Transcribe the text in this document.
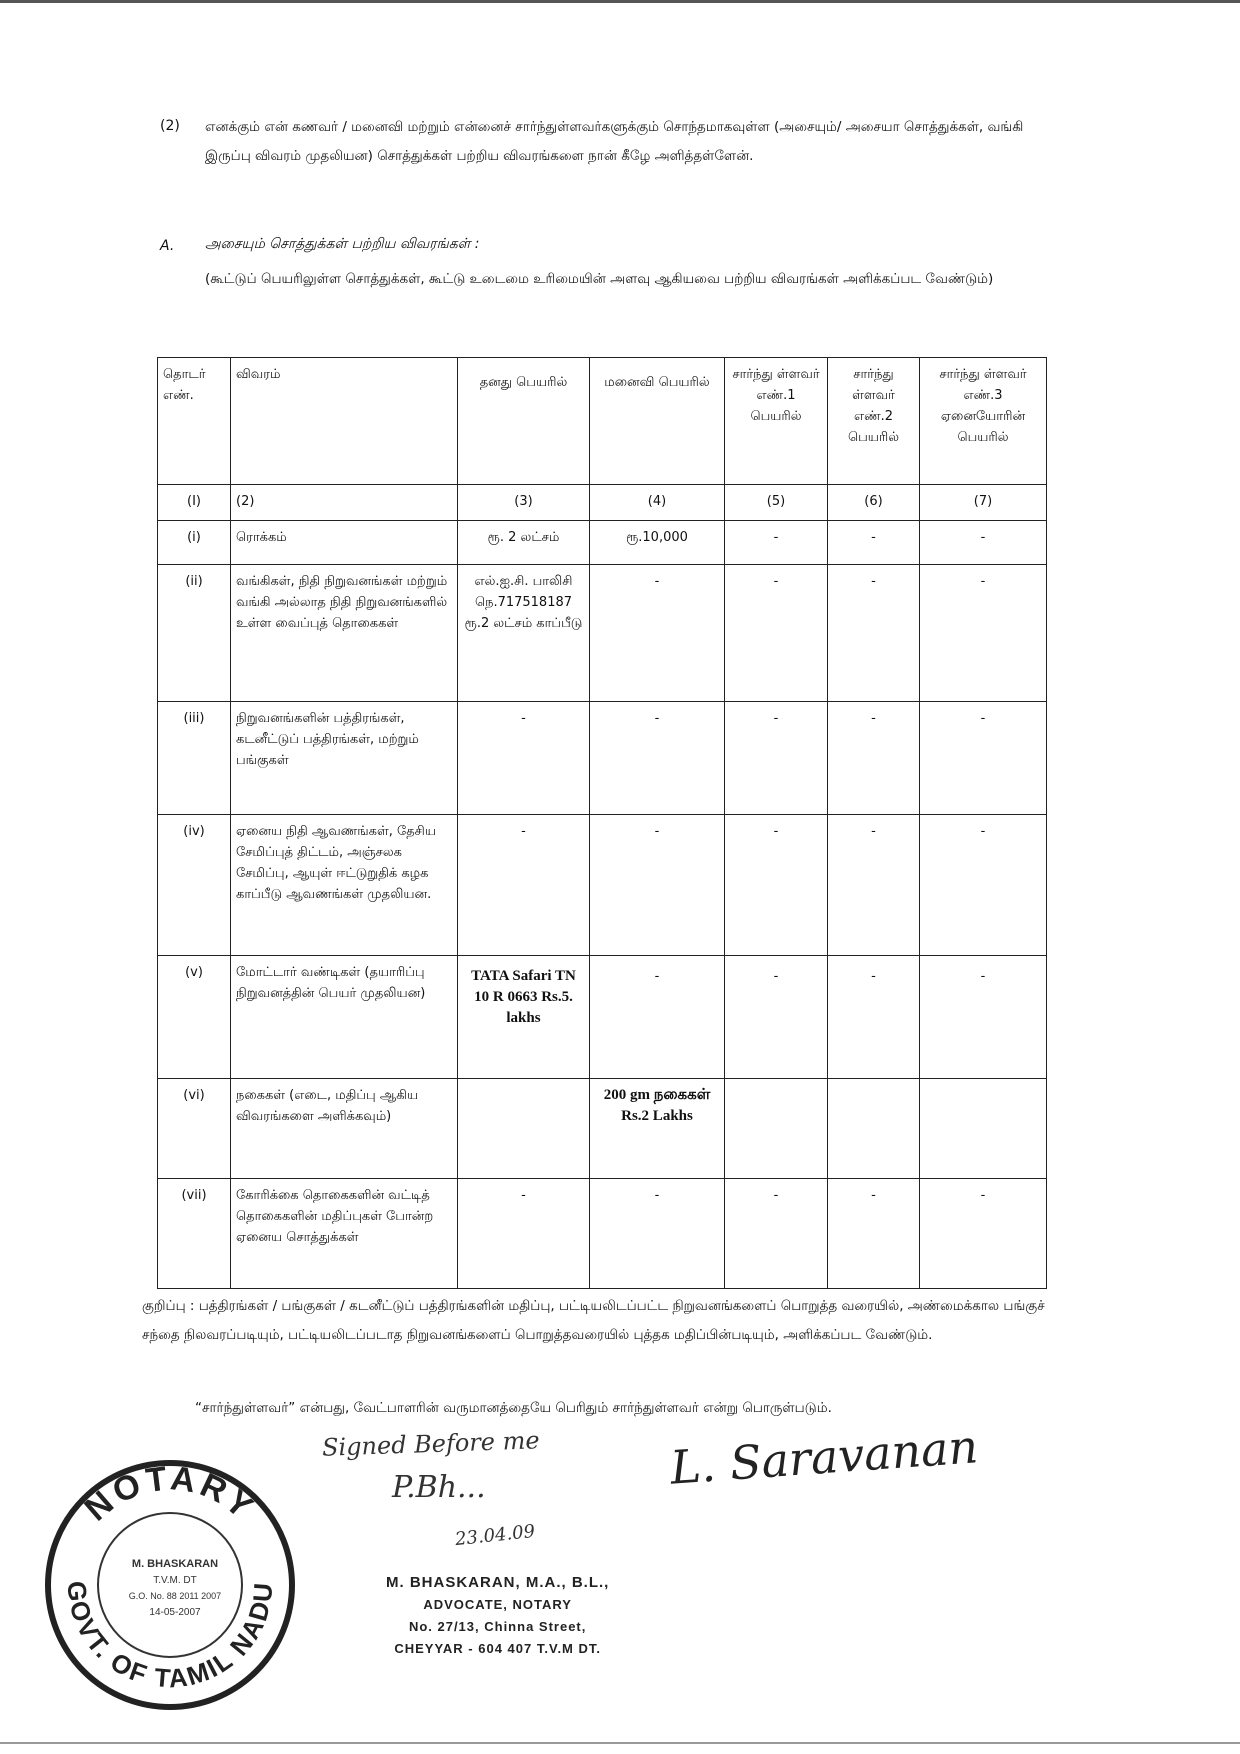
(2) எனக்கும் என் கணவர் / மனைவி மற்றும் என்னைச் சார்ந்துள்ளவர்களுக்கும் சொந்தமாகவுள்ள (அசையும்/ அசையா சொத்துக்கள், வங்கி இருப்பு விவரம் முதலியன) சொத்துக்கள் பற்றிய விவரங்களை நான் கீழே அளித்தள்ளேன்.
A. அசையும் சொத்துக்கள் பற்றிய விவரங்கள் :
(கூட்டுப் பெயரிலுள்ள சொத்துக்கள், கூட்டு உடைமை உரிமையின் அளவு ஆகியவை பற்றிய விவரங்கள் அளிக்கப்பட வேண்டும்)
தொடர் எண்.	விவரம்	தனது பெயரில்	மனைவி பெயரில்	சார்ந்து ள்ளவர் எண்.1 பெயரில்	சார்ந்து ள்ளவர் எண்.2 பெயரில்	சார்ந்து ள்ளவர் எண்.3 ஏனையோரின் பெயரில்
(I)	(2)	(3)	(4)	(5)	(6)	(7)
(i)	ரொக்கம்	ரூ. 2 லட்சம்	ரூ.10,000	-	-	-
(ii)	வங்கிகள், நிதி நிறுவனங்கள் மற்றும் வங்கி அல்லாத நிதி நிறுவனங்களில் உள்ள வைப்புத் தொகைகள்	எல்.ஐ.சி. பாலிசி நெ.717518187 ரூ.2 லட்சம் காப்பீடு	-	-	-	-
(iii)	நிறுவனங்களின் பத்திரங்கள், கடனீட்டுப் பத்திரங்கள், மற்றும் பங்குகள்	-	-	-	-	-
(iv)	ஏனைய நிதி ஆவணங்கள், தேசிய சேமிப்புத் திட்டம், அஞ்சலக சேமிப்பு, ஆயுள் ஈட்டுறுதிக் கழக காப்பீடு ஆவணங்கள் முதலியன.	-	-	-	-	-
(v)	மோட்டார் வண்டிகள் (தயாரிப்பு நிறுவனத்தின் பெயர் முதலியன)	TATA Safari TN 10 R 0663 Rs.5. lakhs	-	-	-	-
(vi)	நகைகள் (எடை, மதிப்பு ஆகிய விவரங்களை அளிக்கவும்)		200 gm நகைகள் Rs.2 Lakhs			
(vii)	கோரிக்கை தொகைகளின் வட்டித் தொகைகளின் மதிப்புகள் போன்ற ஏனைய சொத்துக்கள்	-	-	-	-	-
குறிப்பு : பத்திரங்கள் / பங்குகள் / கடனீட்டுப் பத்திரங்களின் மதிப்பு, பட்டியலிடப்பட்ட நிறுவனங்களைப் பொறுத்த வரையில், அண்மைக்கால பங்குச் சந்தை நிலவரப்படியும், பட்டியலிடப்படாத நிறுவனங்களைப் பொறுத்தவரையில் புத்தக மதிப்பின்படியும், அளிக்கப்பட வேண்டும்.
“சார்ந்துள்ளவர்” என்பது, வேட்பாளரின் வருமானத்தையே பெரிதும் சார்ந்துள்ளவர் என்று பொருள்படும்.
Signed Before me
P.Bh...
23.04.09
L. Saravanan
NOTARY
GOVT. OF TAMIL NADU
M. BHASKARAN
T.V.M. DT
G.O. No. 88 2011 2007
14-05-2007
M. BHASKARAN, M.A., B.L.,
ADVOCATE, NOTARY
No. 27/13, Chinna Street,
CHEYYAR - 604 407 T.V.M DT.
